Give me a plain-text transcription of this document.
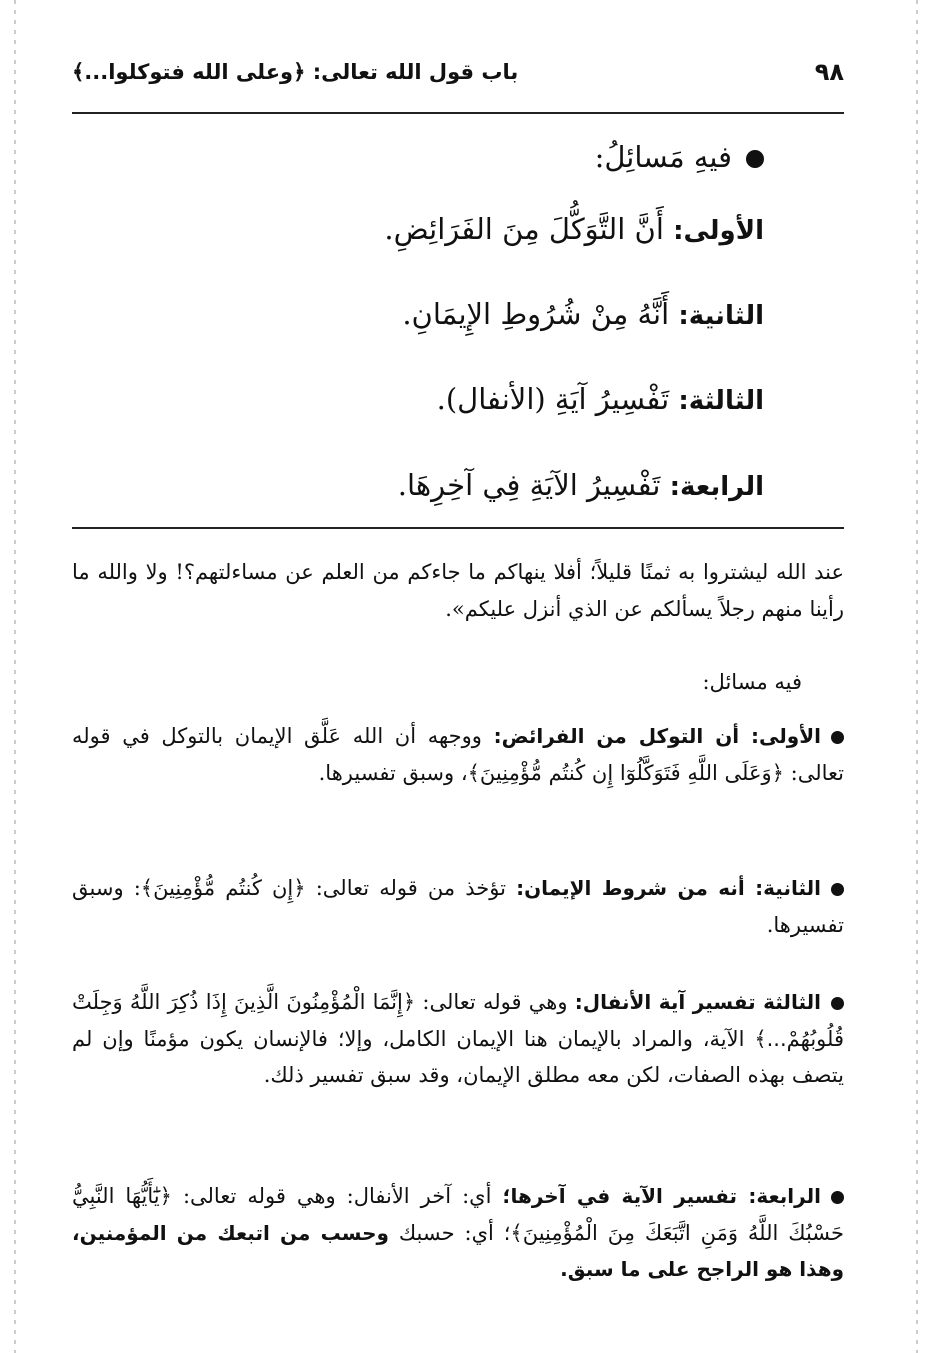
٩٨
باب قول الله تعالى: ﴿وعلى الله فتوكلوا...﴾
فيهِ مَسائِلُ:
الأولى: أَنَّ التَّوَكُّلَ مِنَ الفَرَائِضِ.
الثانية: أَنَّهُ مِنْ شُرُوطِ الإِيمَانِ.
الثالثة: تَفْسِيرُ آيَةِ (الأنفال).
الرابعة: تَفْسِيرُ الآيَةِ فِي آخِرِهَا.

عند الله ليشتروا به ثمنًا قليلاً؛ أفلا ينهاكم ما جاءكم من العلم عن مساءلتهم؟! ولا والله ما رأينا منهم رجلاً يسألكم عن الذي أنزل عليكم».

فيه مسائل:

الأولى: أن التوكل من الفرائض: ووجهه أن الله عَلَّق الإيمان بالتوكل في قوله تعالى: ﴿وَعَلَى اللَّهِ فَتَوَكَّلُوٓا إِن كُنتُم مُّؤْمِنِينَ﴾، وسبق تفسيرها.

الثانية: أنه من شروط الإيمان: تؤخذ من قوله تعالى: ﴿إِن كُنتُم مُّؤْمِنِينَ﴾: وسبق تفسيرها.

الثالثة تفسير آية الأنفال: وهي قوله تعالى: ﴿إِنَّمَا الْمُؤْمِنُونَ الَّذِينَ إِذَا ذُكِرَ اللَّهُ وَجِلَتْ قُلُوبُهُمْ...﴾ الآية، والمراد بالإيمان هنا الإيمان الكامل، وإلا؛ فالإنسان يكون مؤمنًا وإن لم يتصف بهذه الصفات، لكن معه مطلق الإيمان، وقد سبق تفسير ذلك.

الرابعة: تفسير الآية في آخرها؛ أي: آخر الأنفال: وهي قوله تعالى: ﴿يَٰٓأَيُّهَا النَّبِيُّ حَسْبُكَ اللَّهُ وَمَنِ اتَّبَعَكَ مِنَ الْمُؤْمِنِينَ﴾؛ أي: حسبك وحسب من اتبعك من المؤمنين، وهذا هو الراجح على ما سبق.
